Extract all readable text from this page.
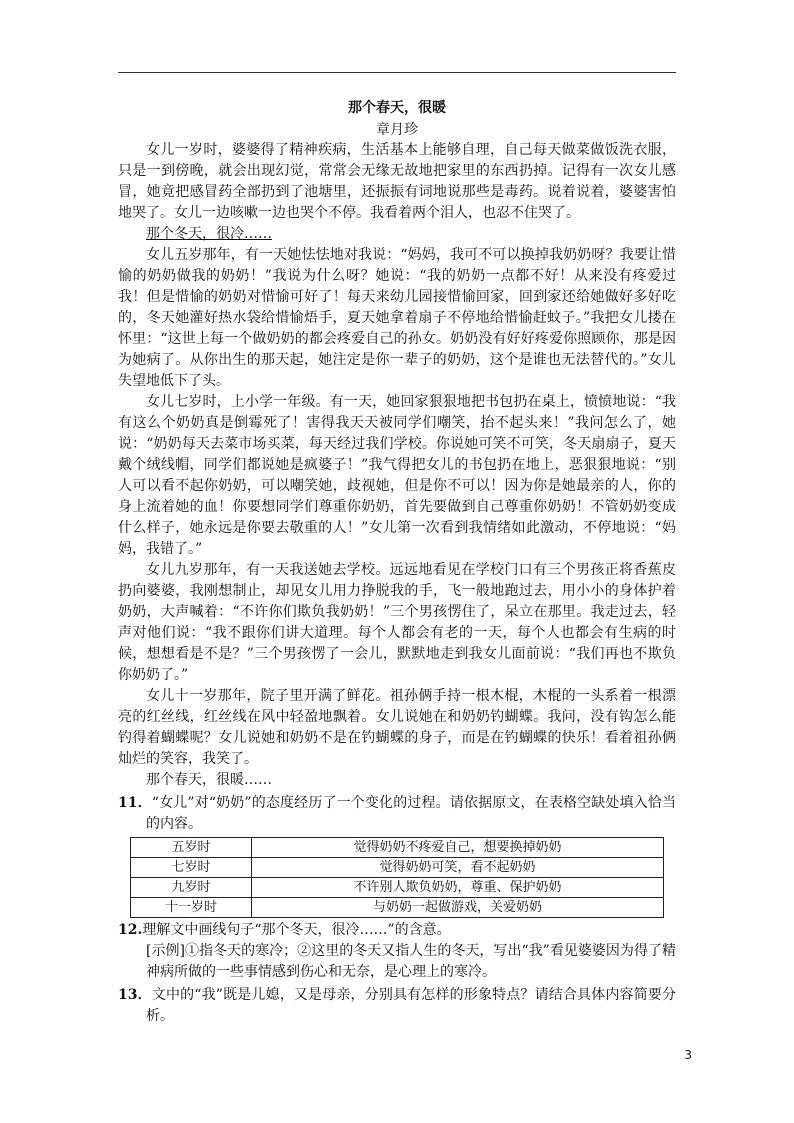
那个春天，很暖

章月珍

女儿一岁时，婆婆得了精神疾病，生活基本上能够自理，自己每天做菜做饭洗衣服，只是一到傍晚，就会出现幻觉，常常会无缘无故地把家里的东西扔掉。记得有一次女儿感冒，她竟把感冒药全部扔到了池塘里，还振振有词地说那些是毒药。说着说着，婆婆害怕地哭了。女儿一边咳嗽一边也哭个不停。我看着两个泪人，也忍不住哭了。

那个冬天，很冷……

女儿五岁那年，有一天她怯怯地对我说：“妈妈，我可不可以换掉我奶奶呀？我要让惜愉的奶奶做我的奶奶！”我说为什么呀？她说：“我的奶奶一点都不好！从来没有疼爱过我！但是惜愉的奶奶对惜愉可好了！每天来幼儿园接惜愉回家，回到家还给她做好多好吃的，冬天她灌好热水袋给惜愉焐手，夏天她拿着扇子不停地给惜愉赶蚊子。”我把女儿搂在怀里：“这世上每一个做奶奶的都会疼爱自己的孙女。奶奶没有好好疼爱你照顾你，那是因为她病了。从你出生的那天起，她注定是你一辈子的奶奶，这个是谁也无法替代的。”女儿失望地低下了头。

女儿七岁时，上小学一年级。有一天，她回家狠狠地把书包扔在桌上，愤愤地说：“我有这么个奶奶真是倒霉死了！害得我天天被同学们嘲笑，抬不起头来！”我问怎么了，她说：“奶奶每天去菜市场买菜，每天经过我们学校。你说她可笑不可笑，冬天扇扇子，夏天戴个绒线帽，同学们都说她是疯婆子！”我气得把女儿的书包扔在地上，恶狠狠地说：“别人可以看不起你奶奶，可以嘲笑她，歧视她，但是你不可以！因为你是她最亲的人，你的身上流着她的血！你要想同学们尊重你奶奶，首先要做到自己尊重你奶奶！不管奶奶变成什么样子，她永远是你要去敬重的人！”女儿第一次看到我情绪如此激动，不停地说：“妈妈，我错了。”

女儿九岁那年，有一天我送她去学校。远远地看见在学校门口有三个男孩正将香蕉皮扔向婆婆，我刚想制止，却见女儿用力挣脱我的手，飞一般地跑过去，用小小的身体护着奶奶，大声喊着：“不许你们欺负我奶奶！”三个男孩愣住了，呆立在那里。我走过去，轻声对他们说：“我不跟你们讲大道理。每个人都会有老的一天，每个人也都会有生病的时候，想想看是不是？”三个男孩愣了一会儿，默默地走到我女儿面前说：“我们再也不欺负你奶奶了。”

女儿十一岁那年，院子里开满了鲜花。祖孙俩手持一根木棍，木棍的一头系着一根漂亮的红丝线，红丝线在风中轻盈地飘着。女儿说她在和奶奶钓蝴蝶。我问，没有钩怎么能钓得着蝴蝶呢？女儿说她和奶奶不是在钓蝴蝶的身子，而是在钓蝴蝶的快乐！看着祖孙俩灿烂的笑容，我笑了。

那个春天，很暖……

11．“女儿”对“奶奶”的态度经历了一个变化的过程。请依据原文，在表格空缺处填入恰当的内容。

五岁时	觉得奶奶不疼爱自己，想要换掉奶奶
七岁时	觉得奶奶可笑，看不起奶奶
九岁时	不许别人欺负奶奶，尊重、保护奶奶
十一岁时	与奶奶一起做游戏，关爱奶奶

12.理解文中画线句子“那个冬天，很冷……”的含意。

[示例]①指冬天的寒冷；②这里的冬天又指人生的冬天，写出“我”看见婆婆因为得了精神病所做的一些事情感到伤心和无奈，是心理上的寒冷。

13．文中的“我”既是儿媳，又是母亲，分别具有怎样的形象特点？请结合具体内容简要分析。

3
